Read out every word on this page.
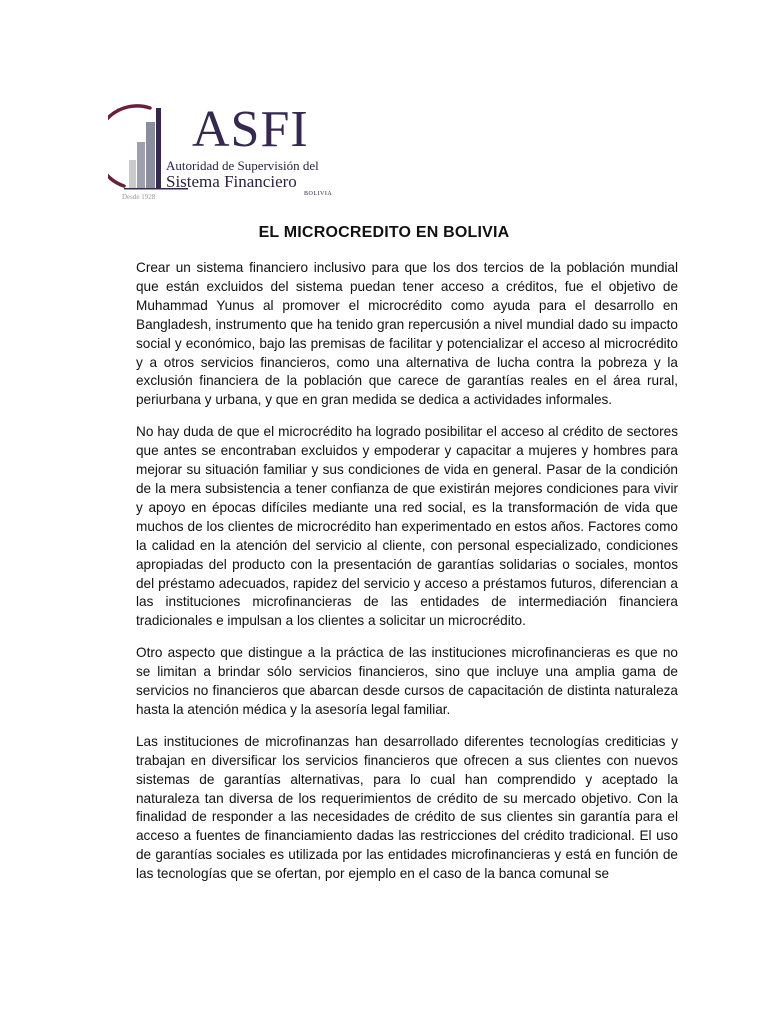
ASFI
Autoridad de Supervisión del
Sistema Financiero
BOLIVIA
Desde 1928
EL MICROCREDITO EN BOLIVIA

Crear un sistema financiero inclusivo para que los dos tercios de la población mundial que están excluidos del sistema puedan tener acceso a créditos, fue el objetivo de Muhammad Yunus al promover el microcrédito como ayuda para el desarrollo en Bangladesh, instrumento que ha tenido gran repercusión a nivel mundial dado su impacto social y económico, bajo las premisas de facilitar y potencializar el acceso al microcrédito y a otros servicios financieros, como una alternativa de lucha contra la pobreza y la exclusión financiera de la población que carece de garantías reales en el área rural, periurbana y urbana, y que en gran medida se dedica a actividades informales.

No hay duda de que el microcrédito ha logrado posibilitar el acceso al crédito de sectores que antes se encontraban excluidos y empoderar y capacitar a mujeres y hombres para mejorar su situación familiar y sus condiciones de vida en general. Pasar de la condición de la mera subsistencia a tener confianza de que existirán mejores condiciones para vivir y apoyo en épocas difíciles mediante una red social, es la transformación de vida que muchos de los clientes de microcrédito han experimentado en estos años. Factores como la calidad en la atención del servicio al cliente, con personal especializado, condiciones apropiadas del producto con la presentación de garantías solidarias o sociales, montos del préstamo adecuados, rapidez del servicio y acceso a préstamos futuros, diferencian a las instituciones microfinancieras de las entidades de intermediación financiera tradicionales e impulsan a los clientes a solicitar un microcrédito.

Otro aspecto que distingue a la práctica de las instituciones microfinancieras es que no se limitan a brindar sólo servicios financieros, sino que incluye una amplia gama de servicios no financieros que abarcan desde cursos de capacitación de distinta naturaleza hasta la atención médica y la asesoría legal familiar.

Las instituciones de microfinanzas han desarrollado diferentes tecnologías crediticias y trabajan en diversificar los servicios financieros que ofrecen a sus clientes con nuevos sistemas de garantías alternativas, para lo cual han comprendido y aceptado la naturaleza tan diversa de los requerimientos de crédito de su mercado objetivo. Con la finalidad de responder a las necesidades de crédito de sus clientes sin garantía para el acceso a fuentes de financiamiento dadas las restricciones del crédito tradicional. El uso de garantías sociales es utilizada por las entidades microfinancieras y está en función de las tecnologías que se ofertan, por ejemplo en el caso de la banca comunal se
